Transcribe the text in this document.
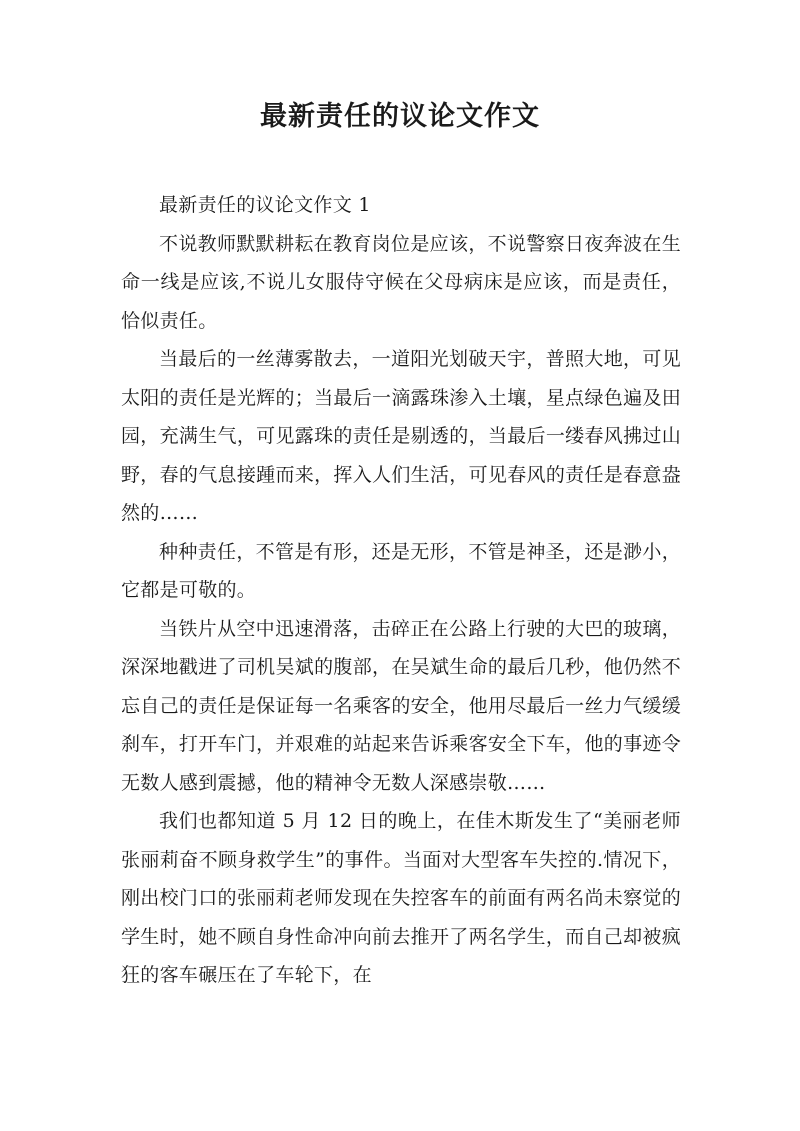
最新责任的议论文作文

最新责任的议论文作文 1

不说教师默默耕耘在教育岗位是应该，不说警察日夜奔波在生命一线是应该,不说儿女服侍守候在父母病床是应该，而是责任，恰似责任。

当最后的一丝薄雾散去，一道阳光划破天宇，普照大地，可见太阳的责任是光辉的；当最后一滴露珠渗入土壤，星点绿色遍及田园，充满生气，可见露珠的责任是剔透的，当最后一缕春风拂过山野，春的气息接踵而来，挥入人们生活，可见春风的责任是春意盎然的……

种种责任，不管是有形，还是无形，不管是神圣，还是渺小，它都是可敬的。

当铁片从空中迅速滑落，击碎正在公路上行驶的大巴的玻璃，深深地戳进了司机吴斌的腹部，在吴斌生命的最后几秒，他仍然不忘自己的责任是保证每一名乘客的安全，他用尽最后一丝力气缓缓刹车，打开车门，并艰难的站起来告诉乘客安全下车，他的事迹令无数人感到震撼，他的精神令无数人深感崇敬……

我们也都知道 5 月 12 日的晚上，在佳木斯发生了“美丽老师张丽莉奋不顾身救学生”的事件。当面对大型客车失控的.情况下，刚出校门口的张丽莉老师发现在失控客车的前面有两名尚未察觉的学生时，她不顾自身性命冲向前去推开了两名学生，而自己却被疯狂的客车碾压在了车轮下，在
